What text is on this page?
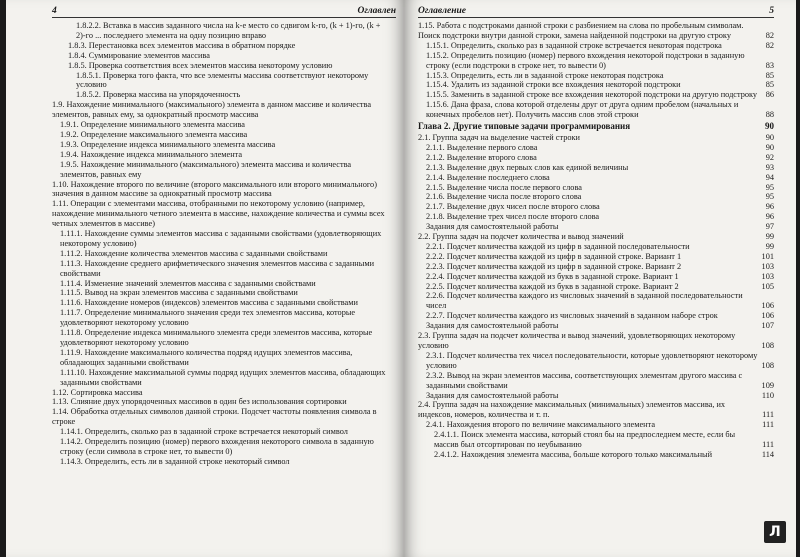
4	Оглавлен
1.8.2.2. Вставка в массив заданного числа на k-е место со сдвигом k-го, (k + 1)-го, (k + 2)-го ... последнего элемента на одну позицию вправо
1.8.3. Перестановка всех элементов массива в обратном порядке
1.8.4. Суммирование элементов массива
1.8.5. Проверка соответствия всех элементов массива некоторому условию
1.8.5.1. Проверка того факта, что все элементы массива соответствуют некоторому условию
1.8.5.2. Проверка массива на упорядоченность
1.9. Нахождение минимального (максимального) элемента в данном массиве и количества элементов, равных ему, за однократный просмотр массива
1.9.1. Определение минимального элемента массива
1.9.2. Определение максимального элемента массива
1.9.3. Определение индекса минимального элемента массива
1.9.4. Нахождение индекса минимального элемента
1.9.5. Нахождение минимального (максимального) элемента массива и количества элементов, равных ему
1.10. Нахождение второго по величине (второго максимального или второго минимального) значения в данном массиве за однократный просмотр массива
1.11. Операции с элементами массива, отобранными по некоторому условию (например, нахождение минимального четного элемента в массиве, нахождение количества и суммы всех четных элементов в массиве)
1.11.1. Нахождение суммы элементов массива с заданными свойствами (удовлетворяющих некоторому условию)
1.11.2. Нахождение количества элементов массива с заданными свойствами
1.11.3. Нахождение среднего арифметического значения элементов массива с заданными свойствами
1.11.4. Изменение значений элементов массива с заданными свойствами
1.11.5. Вывод на экран элементов массива с заданными свойствами
1.11.6. Нахождение номеров (индексов) элементов массива с заданными свойствами
1.11.7. Определение минимального значения среди тех элементов массива, которые удовлетворяют некоторому условию
1.11.8. Определение индекса минимального элемента среди элементов массива, которые удовлетворяют некоторому условию
1.11.9. Нахождение максимального количества подряд идущих элементов массива, обладающих заданными свойствами
1.11.10. Нахождение максимальной суммы подряд идущих элементов массива, обладающих заданными свойствами
1.12. Сортировка массива
1.13. Слияние двух упорядоченных массивов в один без использования сортировки
1.14. Обработка отдельных символов данной строки. Подсчет частоты появления символа в строке
1.14.1. Определить, сколько раз в заданной строке встречается некоторый символ
1.14.2. Определить позицию (номер) первого вхождения некоторого символа в заданную строку (если символа в строке нет, то вывести 0)
1.14.3. Определить, есть ли в заданной строке некоторый символ
Оглавление	5
1.15. Работа с подстроками данной строки с разбиением на слова по пробельным символам. Поиск подстроки внутри данной строки, замена найденной подстроки на другую строку	82
1.15.1. Определить, сколько раз в заданной строке встречается некоторая подстрока	82
1.15.2. Определить позицию (номер) первого вхождения некоторой подстроки в заданную строку (если подстроки в строке нет, то вывести 0)	83
1.15.3. Определить, есть ли в заданной строке некоторая подстрока	85
1.15.4. Удалить из заданной строки все вхождения некоторой подстроки	85
1.15.5. Заменить в заданной строке все вхождения некоторой подстроки на другую подстроку 86
1.15.6. Дана фраза, слова которой отделены друг от друга одним пробелом (начальных и конечных пробелов нет). Получить массив слов этой строки	88
Глава 2. Другие типовые задачи программирования	90
2.1. Группа задач на выделение частей строки	90
2.1.1. Выделение первого слова	90
2.1.2. Выделение второго слова	92
2.1.3. Выделение двух первых слов как единой величины	93
2.1.4. Выделение последнего слова	94
2.1.5. Выделение числа после первого слова	95
2.1.6. Выделение числа после второго слова	95
2.1.7. Выделение двух чисел после второго слова	96
2.1.8. Выделение трех чисел после второго слова	96
Задания для самостоятельной работы	97
2.2. Группа задач на подсчет количества и вывод значений	99
2.2.1. Подсчет количества каждой из цифр в заданной последовательности	99
2.2.2. Подсчет количества каждой из цифр в заданной строке. Вариант 1	101
2.2.3. Подсчет количества каждой из цифр в заданной строке. Вариант 2	103
2.2.4. Подсчет количества каждой из букв в заданной строке. Вариант 1	103
2.2.5. Подсчет количества каждой из букв в заданной строке. Вариант 2	105
2.2.6. Подсчет количества каждого из числовых значений в заданной последовательности чисел	106
2.2.7. Подсчет количества каждого из числовых значений в заданном наборе строк	106
Задания для самостоятельной работы	107
2.3. Группа задач на подсчет количества и вывод значений, удовлетворяющих некоторому условию	108
2.3.1. Подсчет количества тех чисел последовательности, которые удовлетворяют некоторому условию	108
2.3.2. Вывод на экран элементов массива, соответствующих элементам другого массива с заданными свойствами	109
Задания для самостоятельной работы	110
2.4. Группа задач на нахождение максимальных (минимальных) элементов массива, их индексов, номеров, количества и т. п.	111
2.4.1. Нахождения второго по величине максимального элемента	111
2.4.1.1. Поиск элемента массива, который стоял бы на предпоследнем месте, если бы массив был отсортирован по неубыванию	111
2.4.1.2. Нахождения элемента массива, больше которого только максимальный	114
Л
